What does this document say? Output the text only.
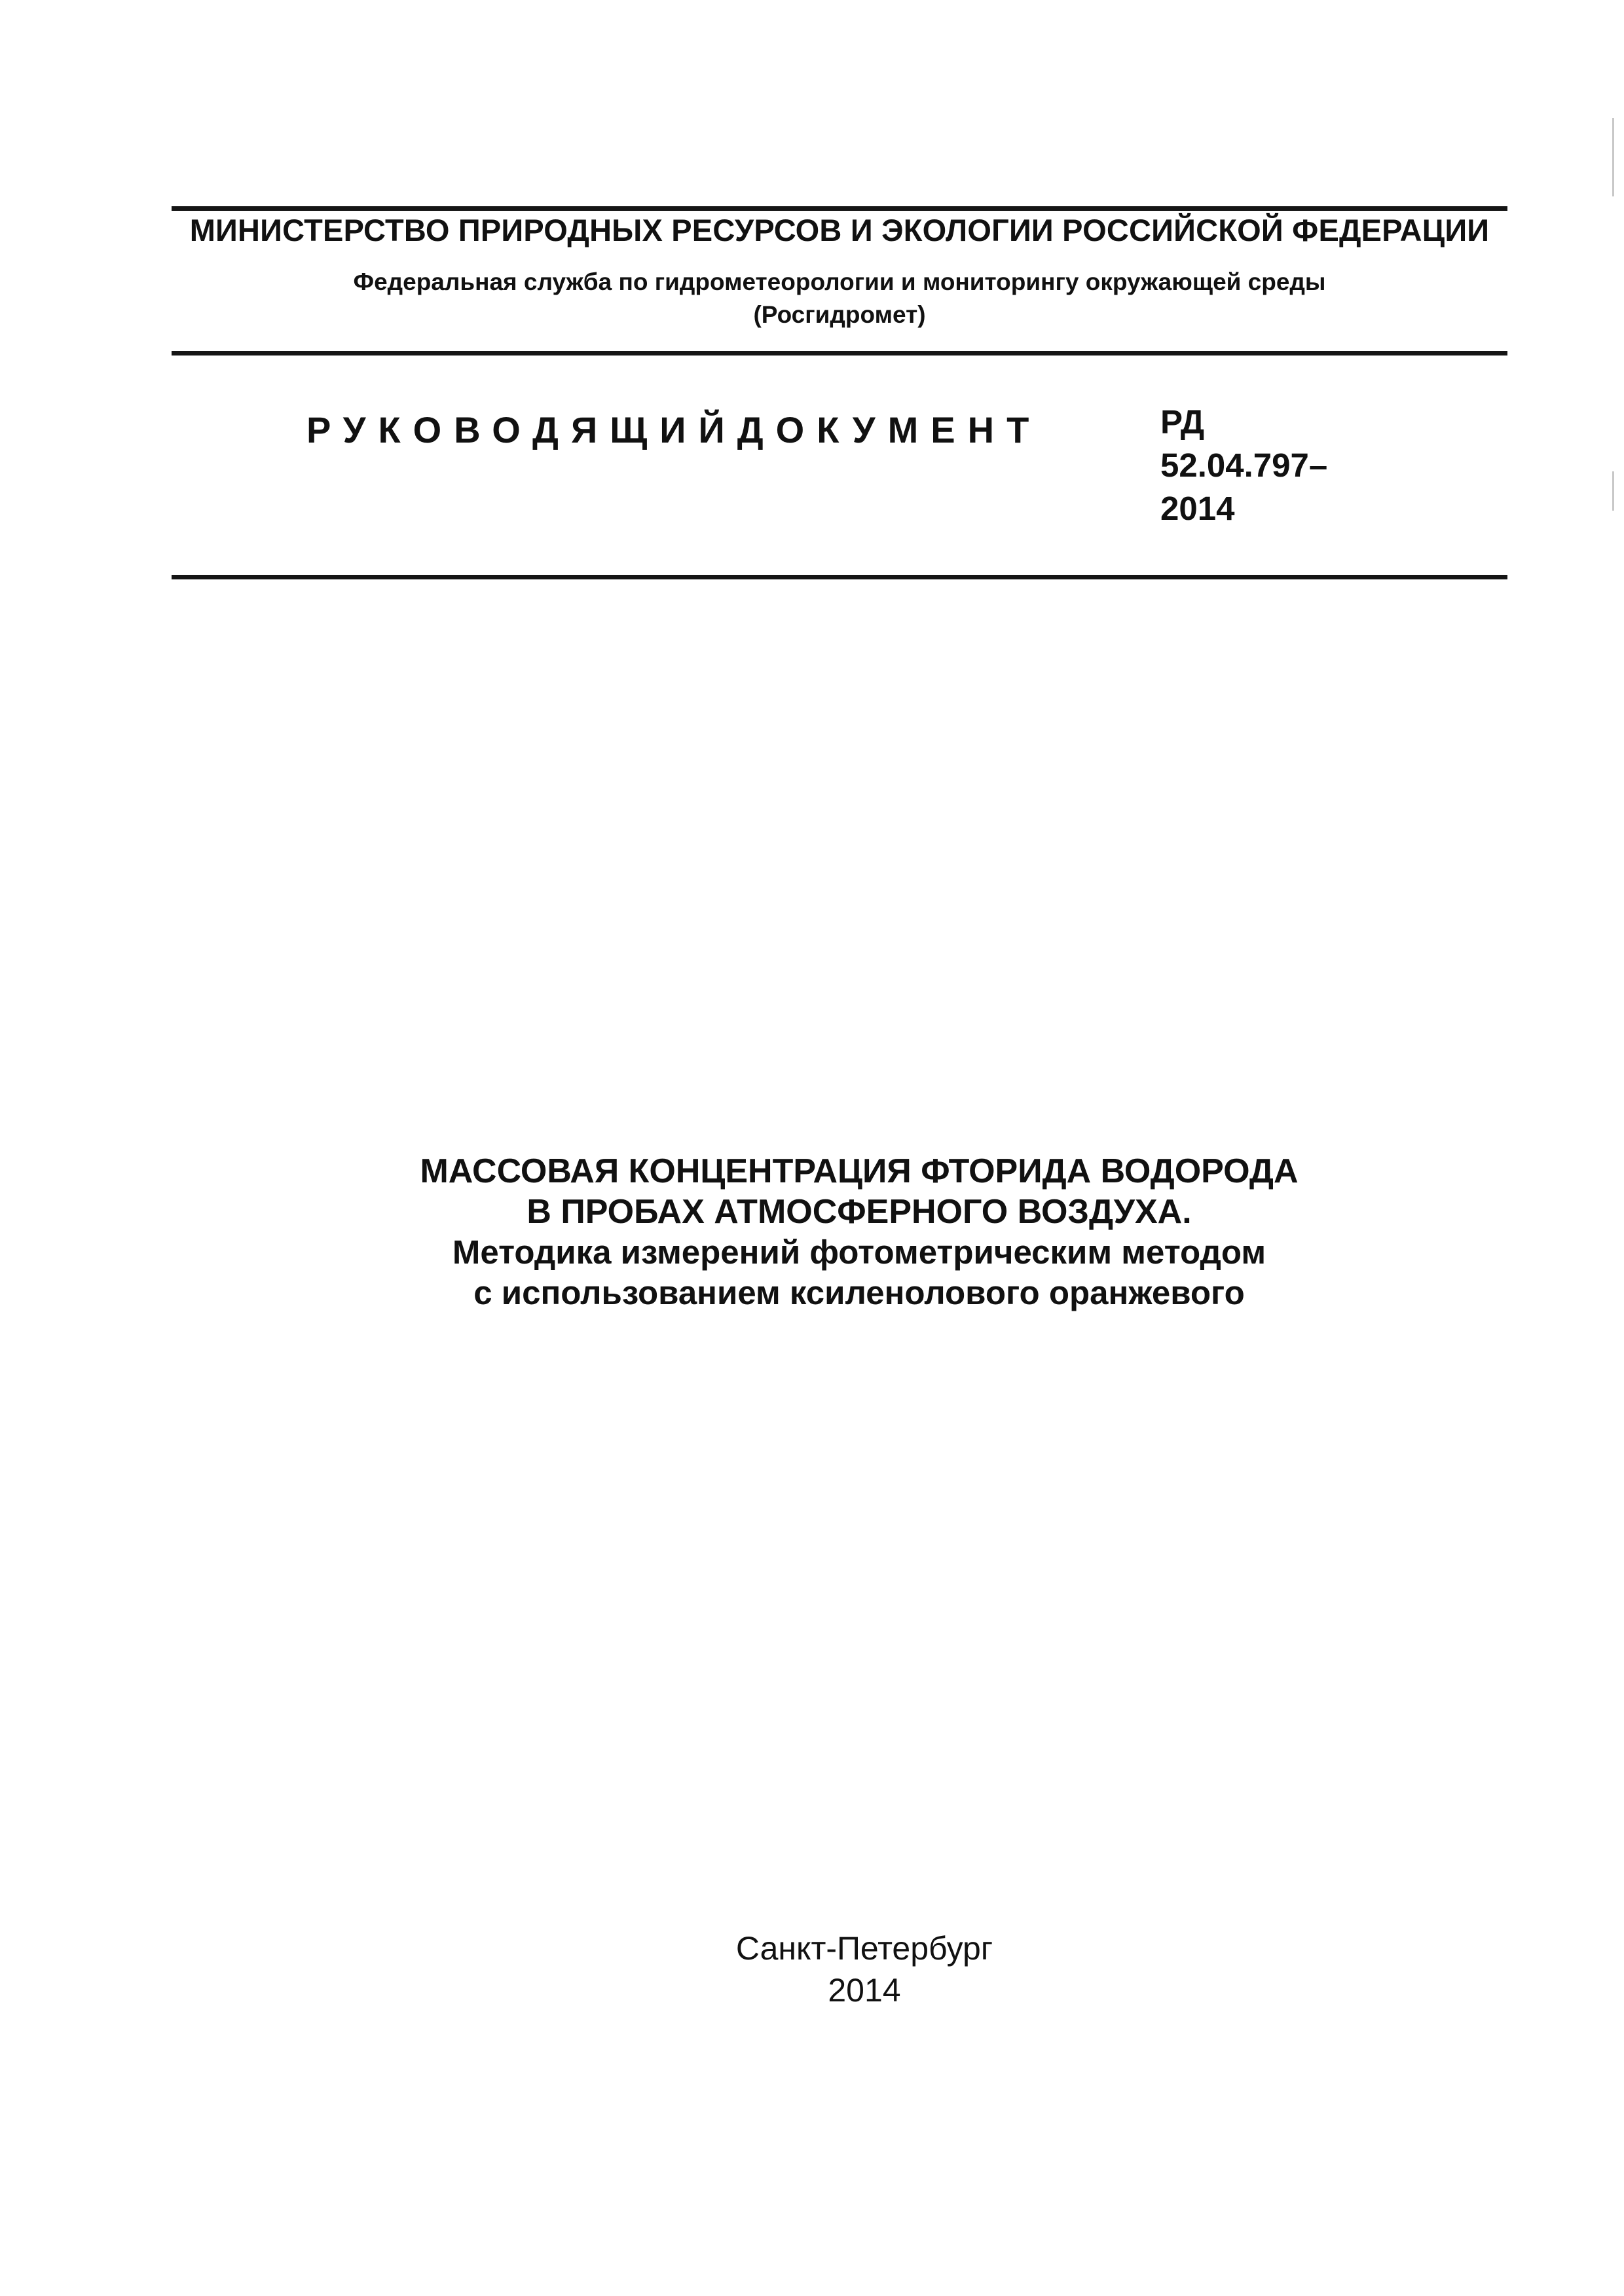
МИНИСТЕРСТВО ПРИРОДНЫХ РЕСУРСОВ И ЭКОЛОГИИ РОССИЙСКОЙ ФЕДЕРАЦИИ
Федеральная служба по гидрометеорологии и мониторингу окружающей среды
(Росгидромет)
РУКОВОДЯЩИЙДОКУМЕНТ	РД
52.04.797–
2014
МАССОВАЯ КОНЦЕНТРАЦИЯ ФТОРИДА ВОДОРОДА
В ПРОБАХ АТМОСФЕРНОГО ВОЗДУХА.
Методика измерений фотометрическим методом
с использованием ксиленолового оранжевого
Санкт-Петербург
2014
